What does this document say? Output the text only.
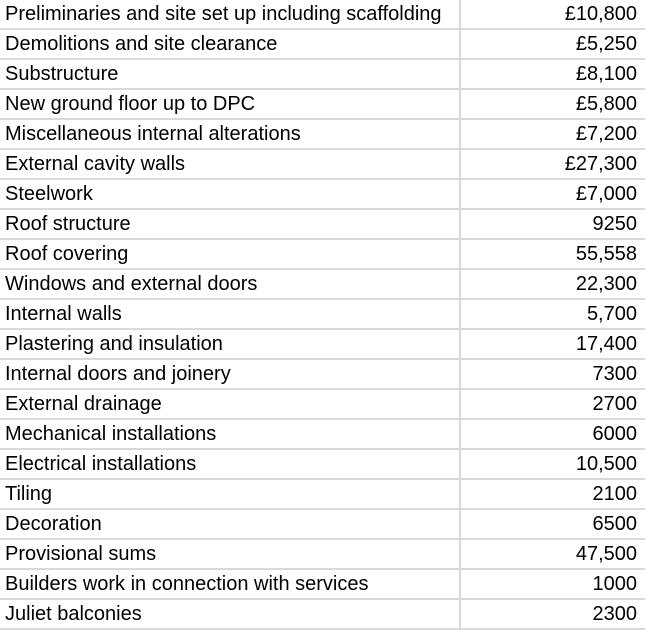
Preliminaries and site set up including scaffolding	£10,800
Demolitions and site clearance	£5,250
Substructure	£8,100
New ground floor up to DPC	£5,800
Miscellaneous internal alterations	£7,200
External cavity walls	£27,300
Steelwork	£7,000
Roof structure	9250
Roof covering	55,558
Windows and external doors	22,300
Internal walls	5,700
Plastering and insulation	17,400
Internal doors and joinery	7300
External drainage	2700
Mechanical installations	6000
Electrical installations	10,500
Tiling	2100
Decoration	6500
Provisional sums	47,500
Builders work in connection with services	1000
Juliet balconies	2300
